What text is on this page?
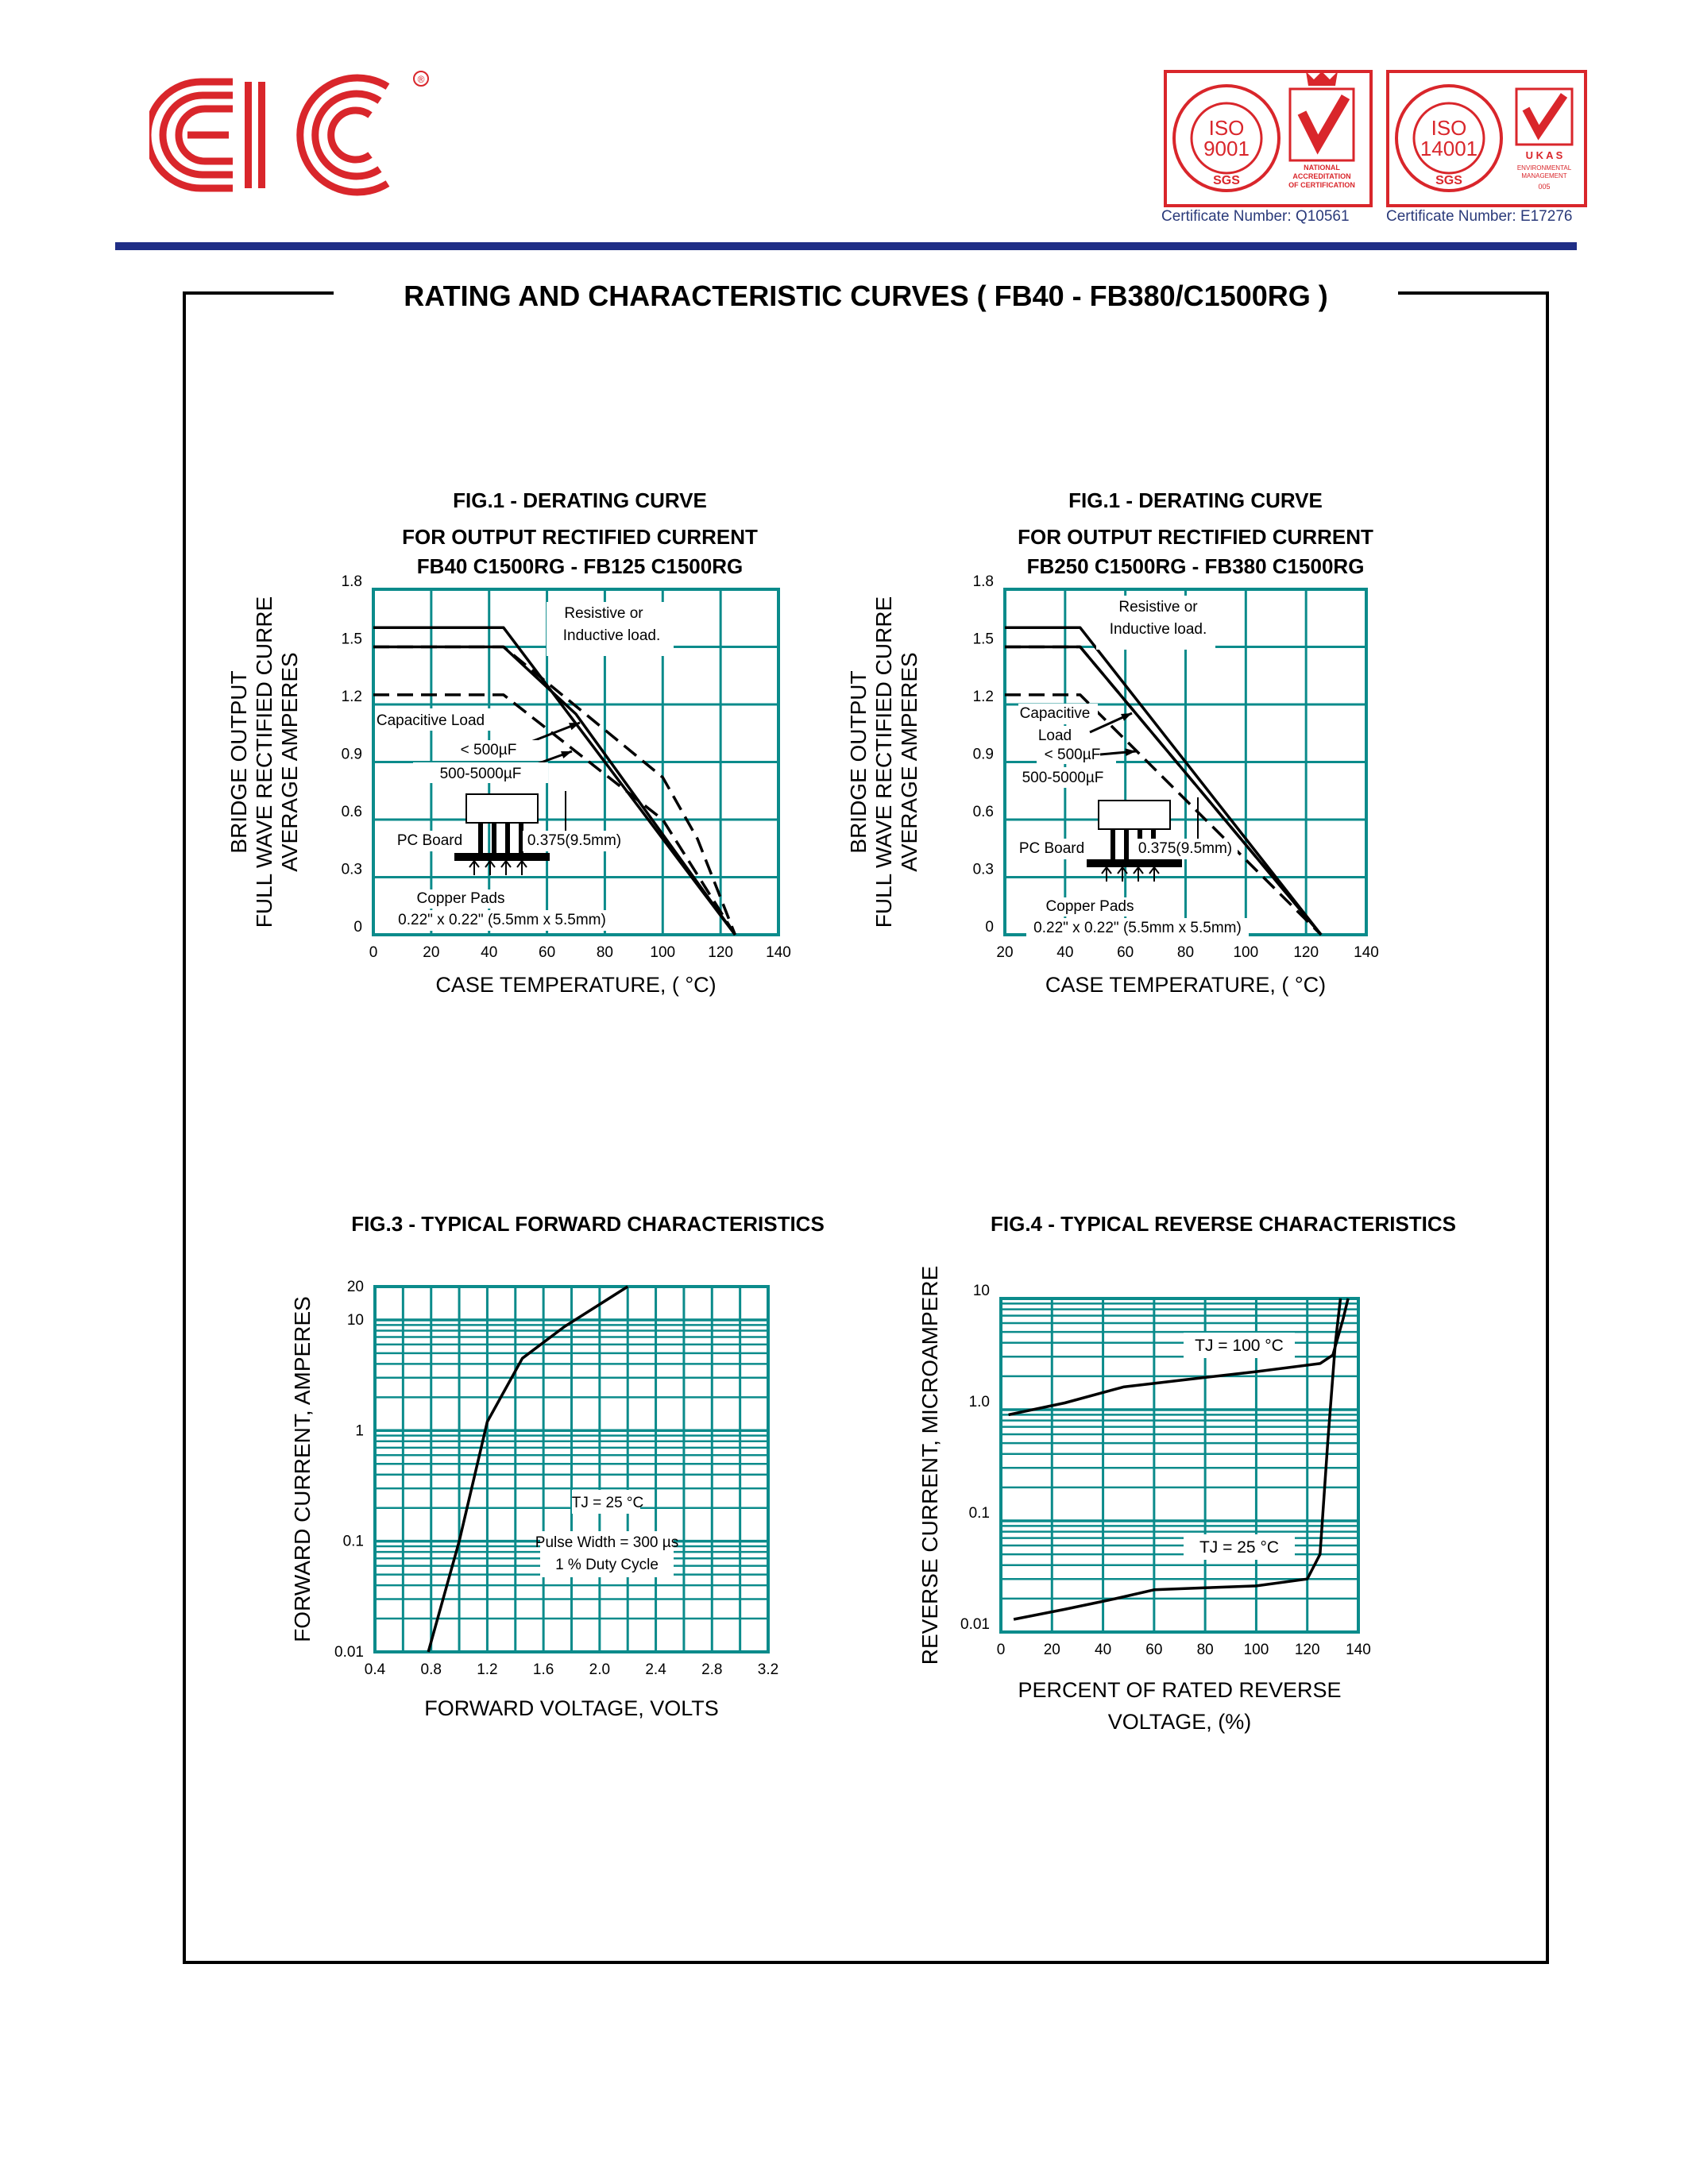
®
ISO
9001
SGS
NATIONAL
ACCREDITATION
OF CERTIFICATION
Certificate Number: Q10561
ISO
14001
SGS
U K A S
ENVIRONMENTAL
MANAGEMENT
005
Certificate Number: E17276
RATING AND CHARACTERISTIC CURVES ( FB40 - FB380/C1500RG )
FIG.1 - DERATING CURVE
FOR OUTPUT RECTIFIED CURRENT
FB40 C1500RG - FB125 C1500RG
FIG.1 - DERATING CURVE
FOR OUTPUT RECTIFIED CURRENT
FB250 C1500RG - FB380 C1500RG
FIG.3 - TYPICAL FORWARD CHARACTERISTICS	FIG.4 - TYPICAL REVERSE CHARACTERISTICS
0	20	40	60	80 100 120 140
0
0.3
0.6
0.9
1.2
1.5
1.8
BRIDGE OUTPUT FULL WAVE RECTIFIED CURRE AVERAGE AMPERES
CASE TEMPERATURE, ( °C)
Resistive or
Inductive load.
Capacitive Load
< 500µF
500-5000µF
PC Board	0.375(9.5mm)
Copper Pads
0.22" x 0.22" (5.5mm x 5.5mm)
20	40	60	80	100 120 140
0
0.3
0.6
0.9
1.2
1.5
1.8
BRIDGE OUTPUT FULL WAVE RECTIFIED CURRE AVERAGE AMPERES
CASE TEMPERATURE, ( °C)
Resistive or
Inductive load.
Capacitive
Load
< 500µF
500-5000µF
PC Board	0.375(9.5mm)
Copper Pads
0.22" x 0.22" (5.5mm x 5.5mm)
0.4 0.8 1.2 1.6 2.0 2.4 2.8 3.2
0.01
0.1
1
10
20
FORWARD CURRENT, AMPERES
FORWARD VOLTAGE, VOLTS
TJ = 25 °C
Pulse Width = 300 µs
1 % Duty Cycle
0	20 40 60 80 100 120 140
0.01
0.1
1.0
10
REVERSE CURRENT, MICROAMPERE
PERCENT OF RATED REVERSE
VOLTAGE, (%)
TJ = 100 °C
TJ = 25 °C
